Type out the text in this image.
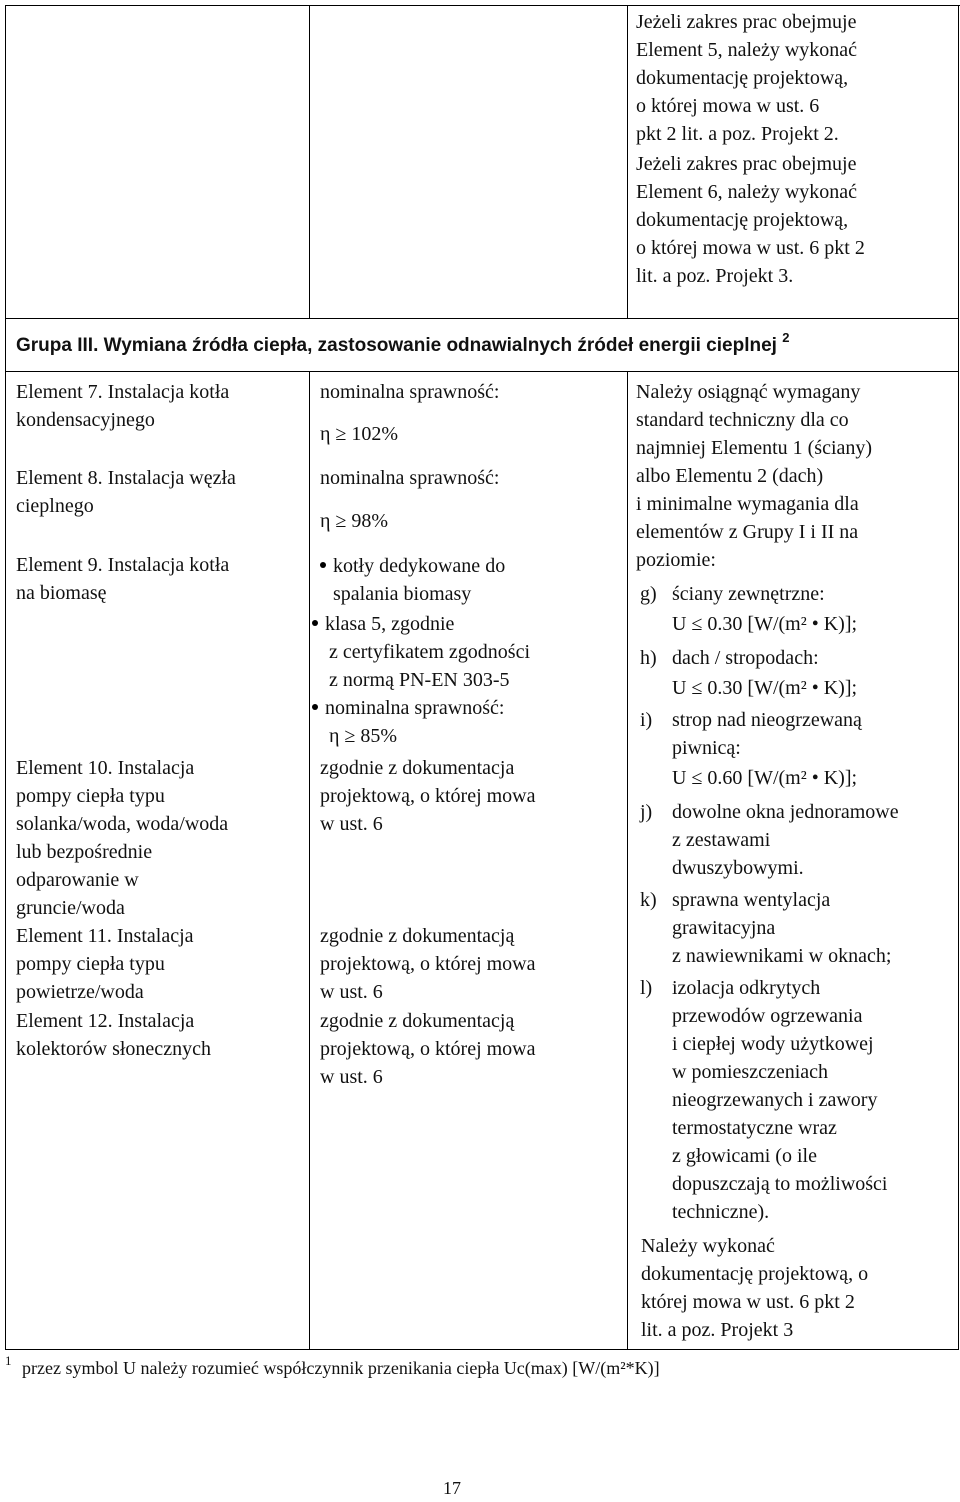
Jeżeli zakres prac obejmuje
Element 5, należy wykonać
dokumentację projektową,
o której mowa w ust. 6
pkt 2 lit. a poz. Projekt 2.
Jeżeli zakres prac obejmuje
Element 6, należy wykonać
dokumentację projektową,
o której mowa w ust. 6 pkt 2
lit. a poz. Projekt 3.
Grupa III. Wymiana źródła ciepła, zastosowanie odnawialnych źródeł energii cieplnej $^2$
Element 7. Instalacja kotła
kondensacyjnego
Element 8. Instalacja węzła
cieplnego
Element 9. Instalacja kotła
na biomasę
Element 10. Instalacja
pompy ciepła typu
solanka/woda, woda/woda
lub bezpośrednie
odparowanie w
gruncie/woda
Element 11. Instalacja
pompy ciepła typu
powietrze/woda
Element 12. Instalacja
kolektorów słonecznych
nominalna sprawność:
η ≥ 102%
nominalna sprawność:
η ≥ 98%
kotły dedykowane do
spalania biomasy
klasa 5, zgodnie
z certyfikatem zgodności
z normą PN-EN 303-5
nominalna sprawność:
η ≥ 85%
zgodnie z dokumentacja
projektową, o której mowa
w ust. 6
zgodnie z dokumentacją
projektową, o której mowa
w ust. 6
zgodnie z dokumentacją
projektową, o której mowa
w ust. 6
Należy osiągnąć wymagany
standard techniczny dla co
najmniej Elementu 1 (ściany)
albo Elementu 2 (dach)
i minimalne wymagania dla
elementów z Grupy I i II na
poziomie:
g) ściany zewnętrzne:
U ≤ 0.30 [W/(m² • K)];
h) dach / stropodach:
U ≤ 0.30 [W/(m² • K)];
i) strop nad nieogrzewaną
piwnicą:
U ≤ 0.60 [W/(m² • K)];
j) dowolne okna jednoramowe
z zestawami
dwuszybowymi.
k) sprawna wentylacja
grawitacyjna
z nawiewnikami w oknach;
l) izolacja odkrytych
przewodów ogrzewania
i ciepłej wody użytkowej
w pomieszczeniach
nieogrzewanych i zawory
termostatyczne wraz
z głowicami (o ile
dopuszczają to możliwości
techniczne).
Należy wykonać
dokumentację projektową, o
której mowa w ust. 6 pkt 2
lit. a poz. Projekt 3
$^1$ przez symbol U należy rozumieć współczynnik przenikania ciepła Uc(max) [W/(m²*K)]
17
